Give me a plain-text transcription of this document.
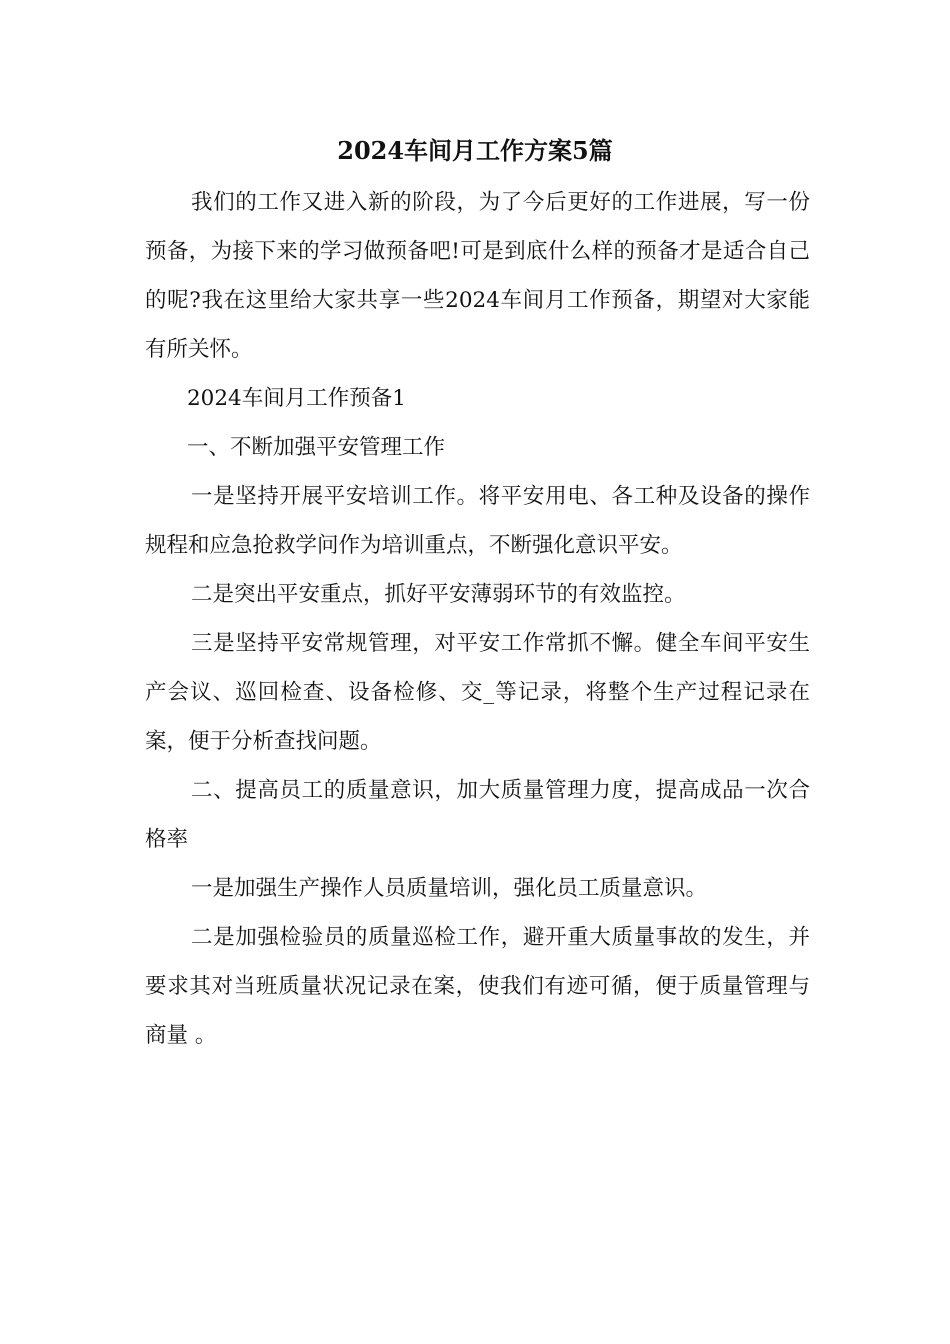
2024车间月工作方案5篇

我们的工作又进入新的阶段，为了今后更好的工作进展，写一份预备，为接下来的学习做预备吧!可是到底什么样的预备才是适合自己的呢?我在这里给大家共享一些2024车间月工作预备，期望对大家能有所关怀。

2024车间月工作预备1

一、不断加强平安管理工作

一是坚持开展平安培训工作。将平安用电、各工种及设备的操作规程和应急抢救学问作为培训重点，不断强化意识平安。

二是突出平安重点，抓好平安薄弱环节的有效监控。

三是坚持平安常规管理，对平安工作常抓不懈。健全车间平安生产会议、巡回检查、设备检修、交_等记录，将整个生产过程记录在案，便于分析查找问题。

二、提高员工的质量意识，加大质量管理力度，提高成品一次合格率

一是加强生产操作人员质量培训，强化员工质量意识。

二是加强检验员的质量巡检工作，避开重大质量事故的发生，并要求其对当班质量状况记录在案，使我们有迹可循，便于质量管理与商量 。
